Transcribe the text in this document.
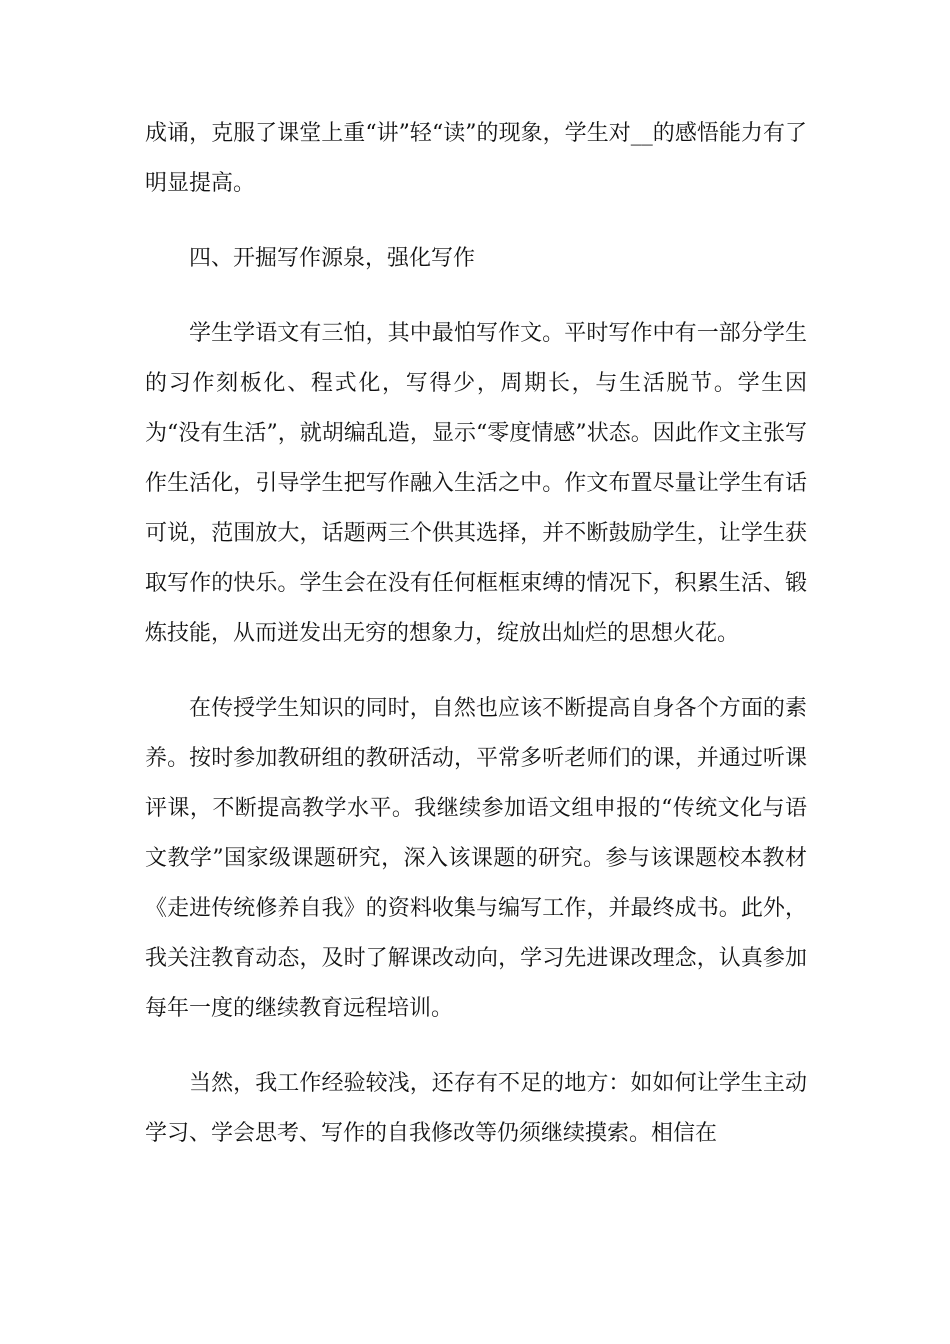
成诵，克服了课堂上重“讲”轻“读”的现象，学生对__的感悟能力有了明显提高。

四、开掘写作源泉，强化写作

学生学语文有三怕，其中最怕写作文。平时写作中有一部分学生的习作刻板化、程式化，写得少，周期长，与生活脱节。学生因为“没有生活”，就胡编乱造，显示“零度情感”状态。因此作文主张写作生活化，引导学生把写作融入生活之中。作文布置尽量让学生有话可说，范围放大，话题两三个供其选择，并不断鼓励学生，让学生获取写作的快乐。学生会在没有任何框框束缚的情况下，积累生活、锻炼技能，从而迸发出无穷的想象力，绽放出灿烂的思想火花。

在传授学生知识的同时，自然也应该不断提高自身各个方面的素养。按时参加教研组的教研活动，平常多听老师们的课，并通过听课评课，不断提高教学水平。我继续参加语文组申报的“传统文化与语文教学”国家级课题研究，深入该课题的研究。参与该课题校本教材《走进传统修养自我》的资料收集与编写工作，并最终成书。此外，我关注教育动态，及时了解课改动向，学习先进课改理念，认真参加每年一度的继续教育远程培训。

当然，我工作经验较浅，还存有不足的地方：如如何让学生主动学习、学会思考、写作的自我修改等仍须继续摸索。相信在
